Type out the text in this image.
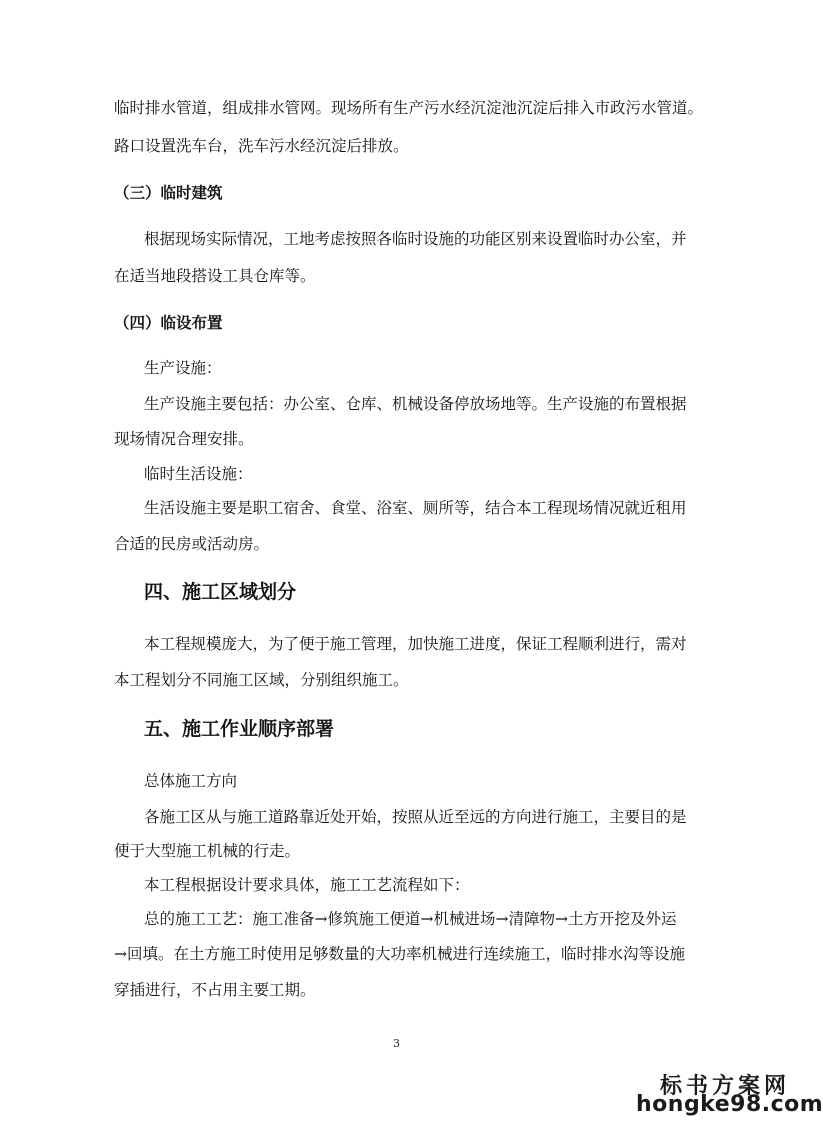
临时排水管道，组成排水管网。现场所有生产污水经沉淀池沉淀后排入市政污水管道。
路口设置洗车台，洗车污水经沉淀后排放。
（三）临时建筑
根据现场实际情况，工地考虑按照各临时设施的功能区别来设置临时办公室，并
在适当地段搭设工具仓库等。
（四）临设布置
生产设施：
生产设施主要包括：办公室、仓库、机械设备停放场地等。生产设施的布置根据
现场情况合理安排。
临时生活设施：
生活设施主要是职工宿舍、食堂、浴室、厕所等，结合本工程现场情况就近租用
合适的民房或活动房。
四、施工区域划分
本工程规模庞大，为了便于施工管理，加快施工进度，保证工程顺利进行，需对
本工程划分不同施工区域，分别组织施工。
五、施工作业顺序部署
总体施工方向
各施工区从与施工道路靠近处开始，按照从近至远的方向进行施工，主要目的是
便于大型施工机械的行走。
本工程根据设计要求具体，施工工艺流程如下：
总的施工工艺：施工准备→修筑施工便道→机械进场→清障物→土方开挖及外运
→回填。在土方施工时使用足够数量的大功率机械进行连续施工，临时排水沟等设施
穿插进行，不占用主要工期。
3
标书方案网
hongke98.com
